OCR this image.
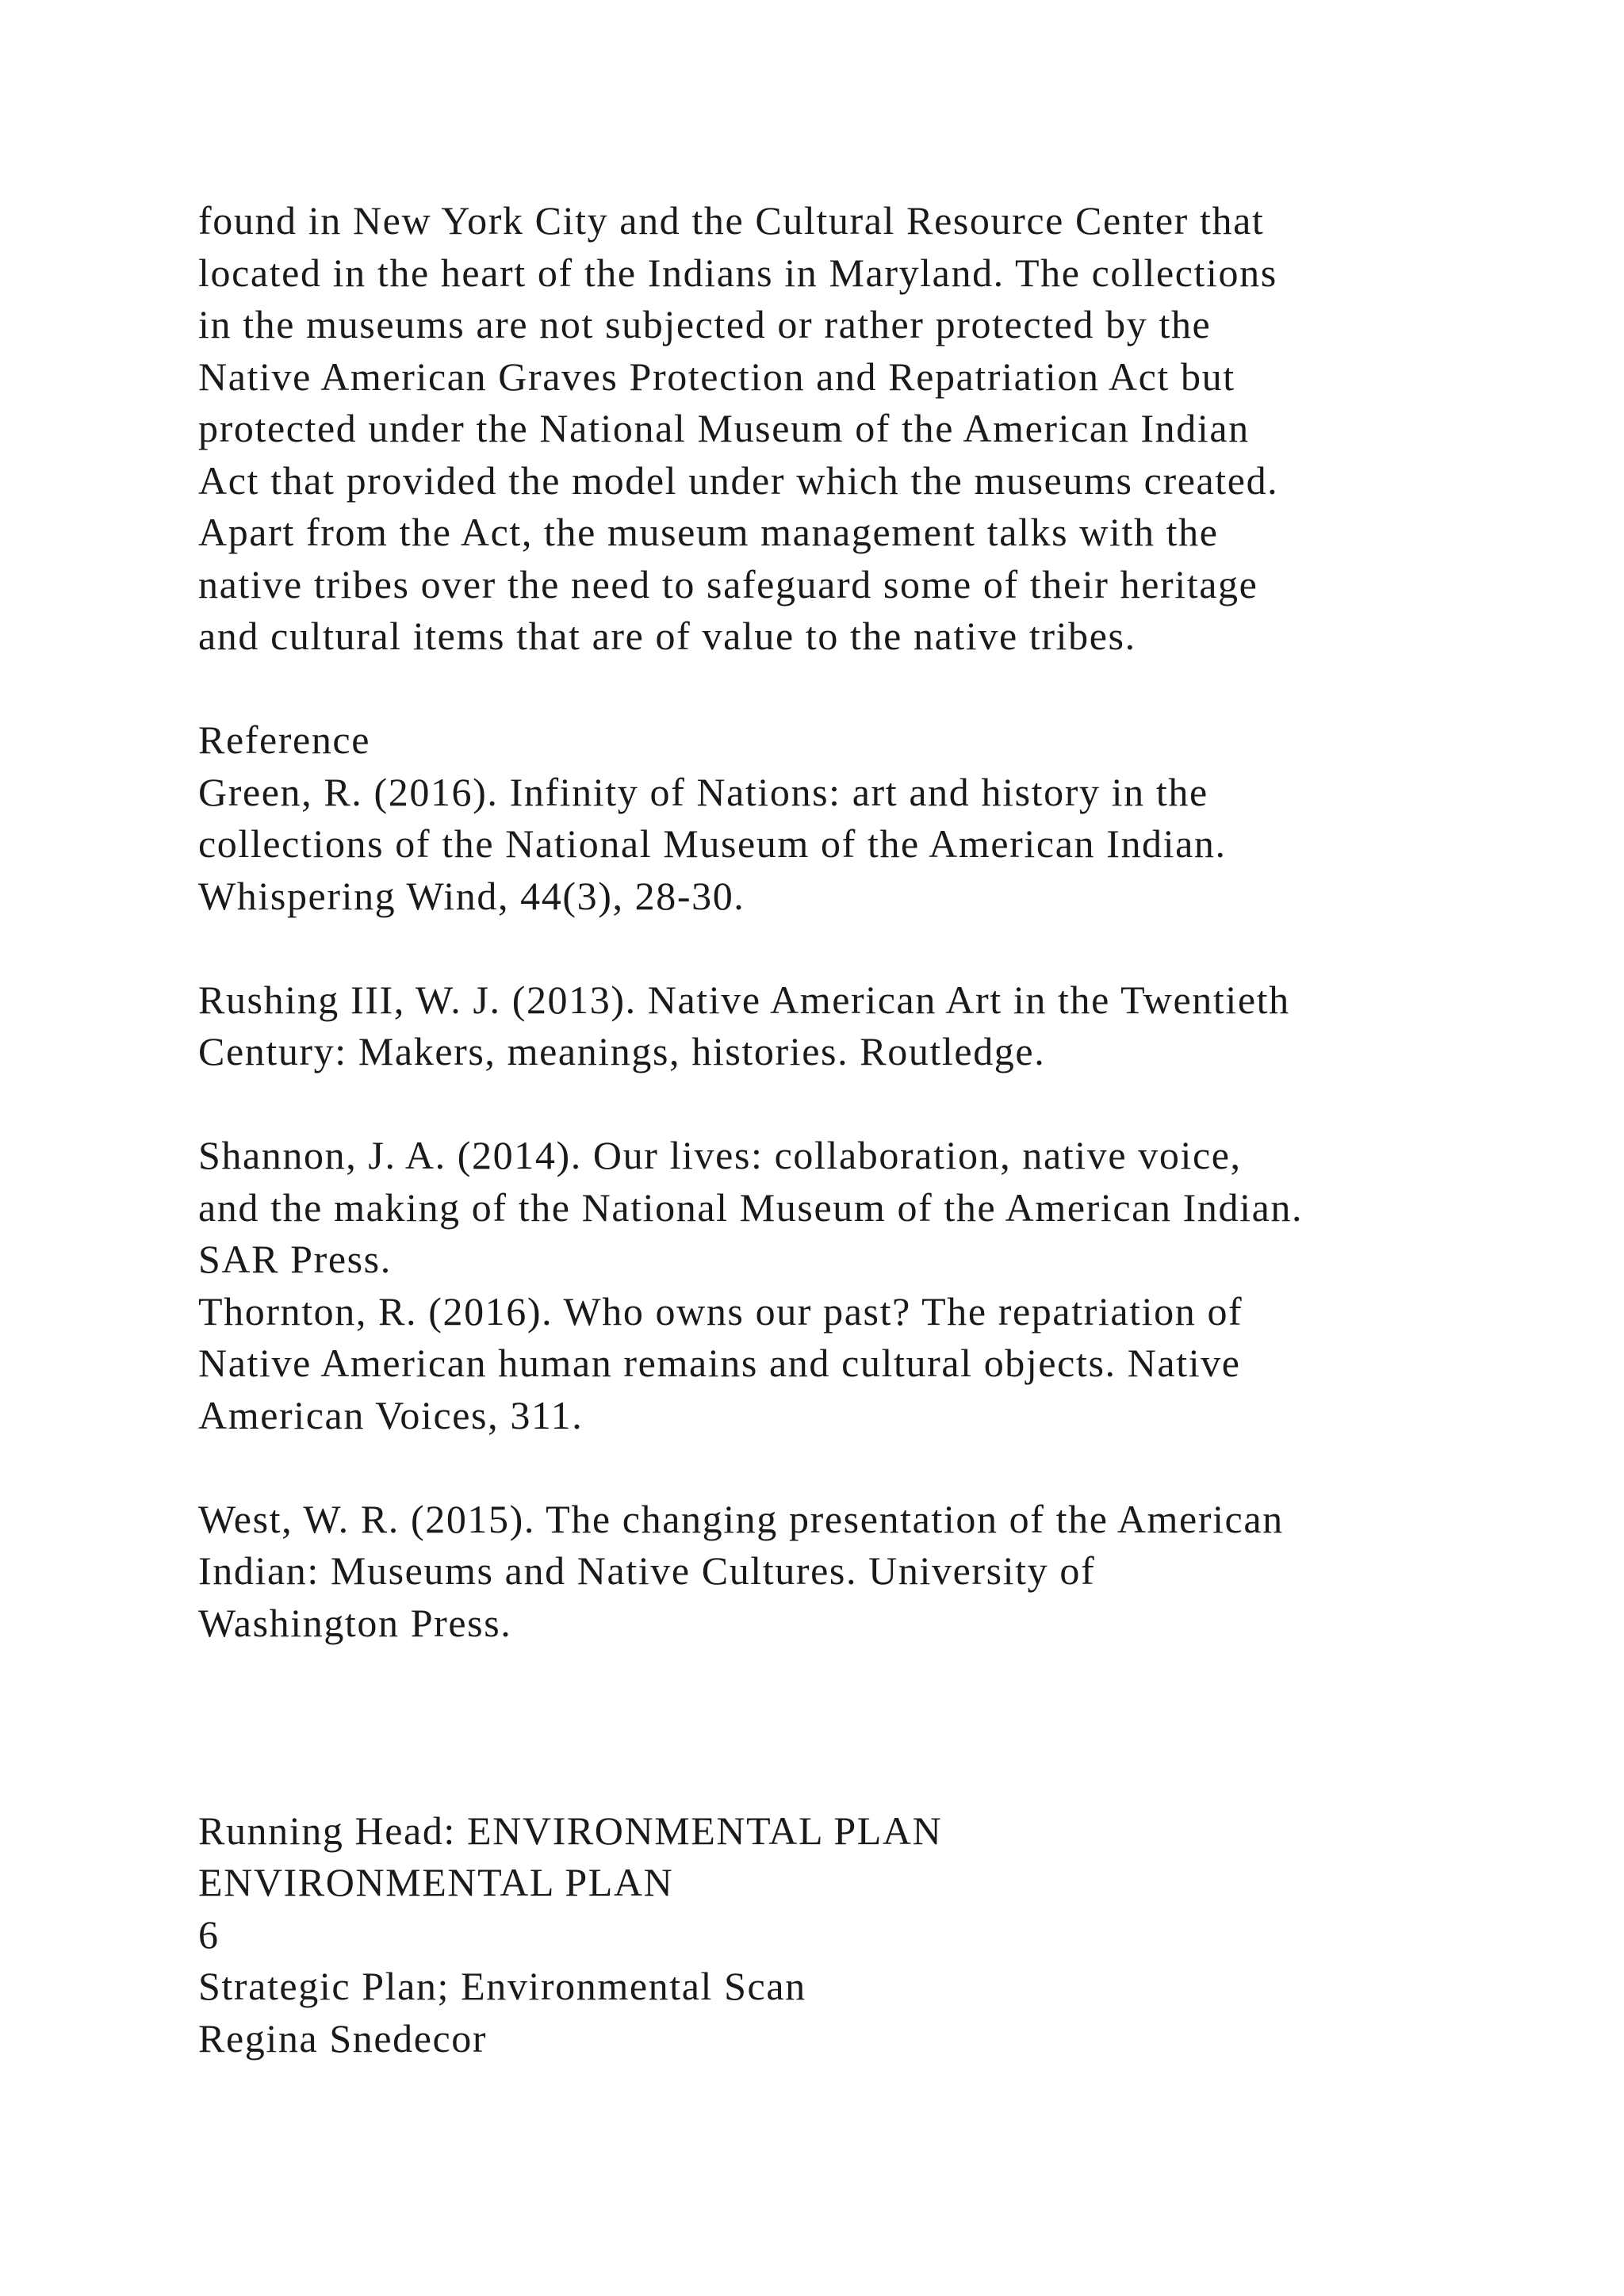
found in New York City and the Cultural Resource Center that
located in the heart of the Indians in Maryland. The collections
in the museums are not subjected or rather protected by the
Native American Graves Protection and Repatriation Act but
protected under the National Museum of the American Indian
Act that provided the model under which the museums created.
Apart from the Act, the museum management talks with the
native tribes over the need to safeguard some of their heritage
and cultural items that are of value to the native tribes.
Reference
Green, R. (2016). Infinity of Nations: art and history in the
collections of the National Museum of the American Indian.
Whispering Wind, 44(3), 28-30.
Rushing III, W. J. (2013). Native American Art in the Twentieth
Century: Makers, meanings, histories. Routledge.
Shannon, J. A. (2014). Our lives: collaboration, native voice,
and the making of the National Museum of the American Indian.
SAR Press.
Thornton, R. (2016). Who owns our past? The repatriation of
Native American human remains and cultural objects. Native
American Voices, 311.
West, W. R. (2015). The changing presentation of the American
Indian: Museums and Native Cultures. University of
Washington Press.
Running Head: ENVIRONMENTAL PLAN
ENVIRONMENTAL PLAN
6
Strategic Plan; Environmental Scan
Regina Snedecor
